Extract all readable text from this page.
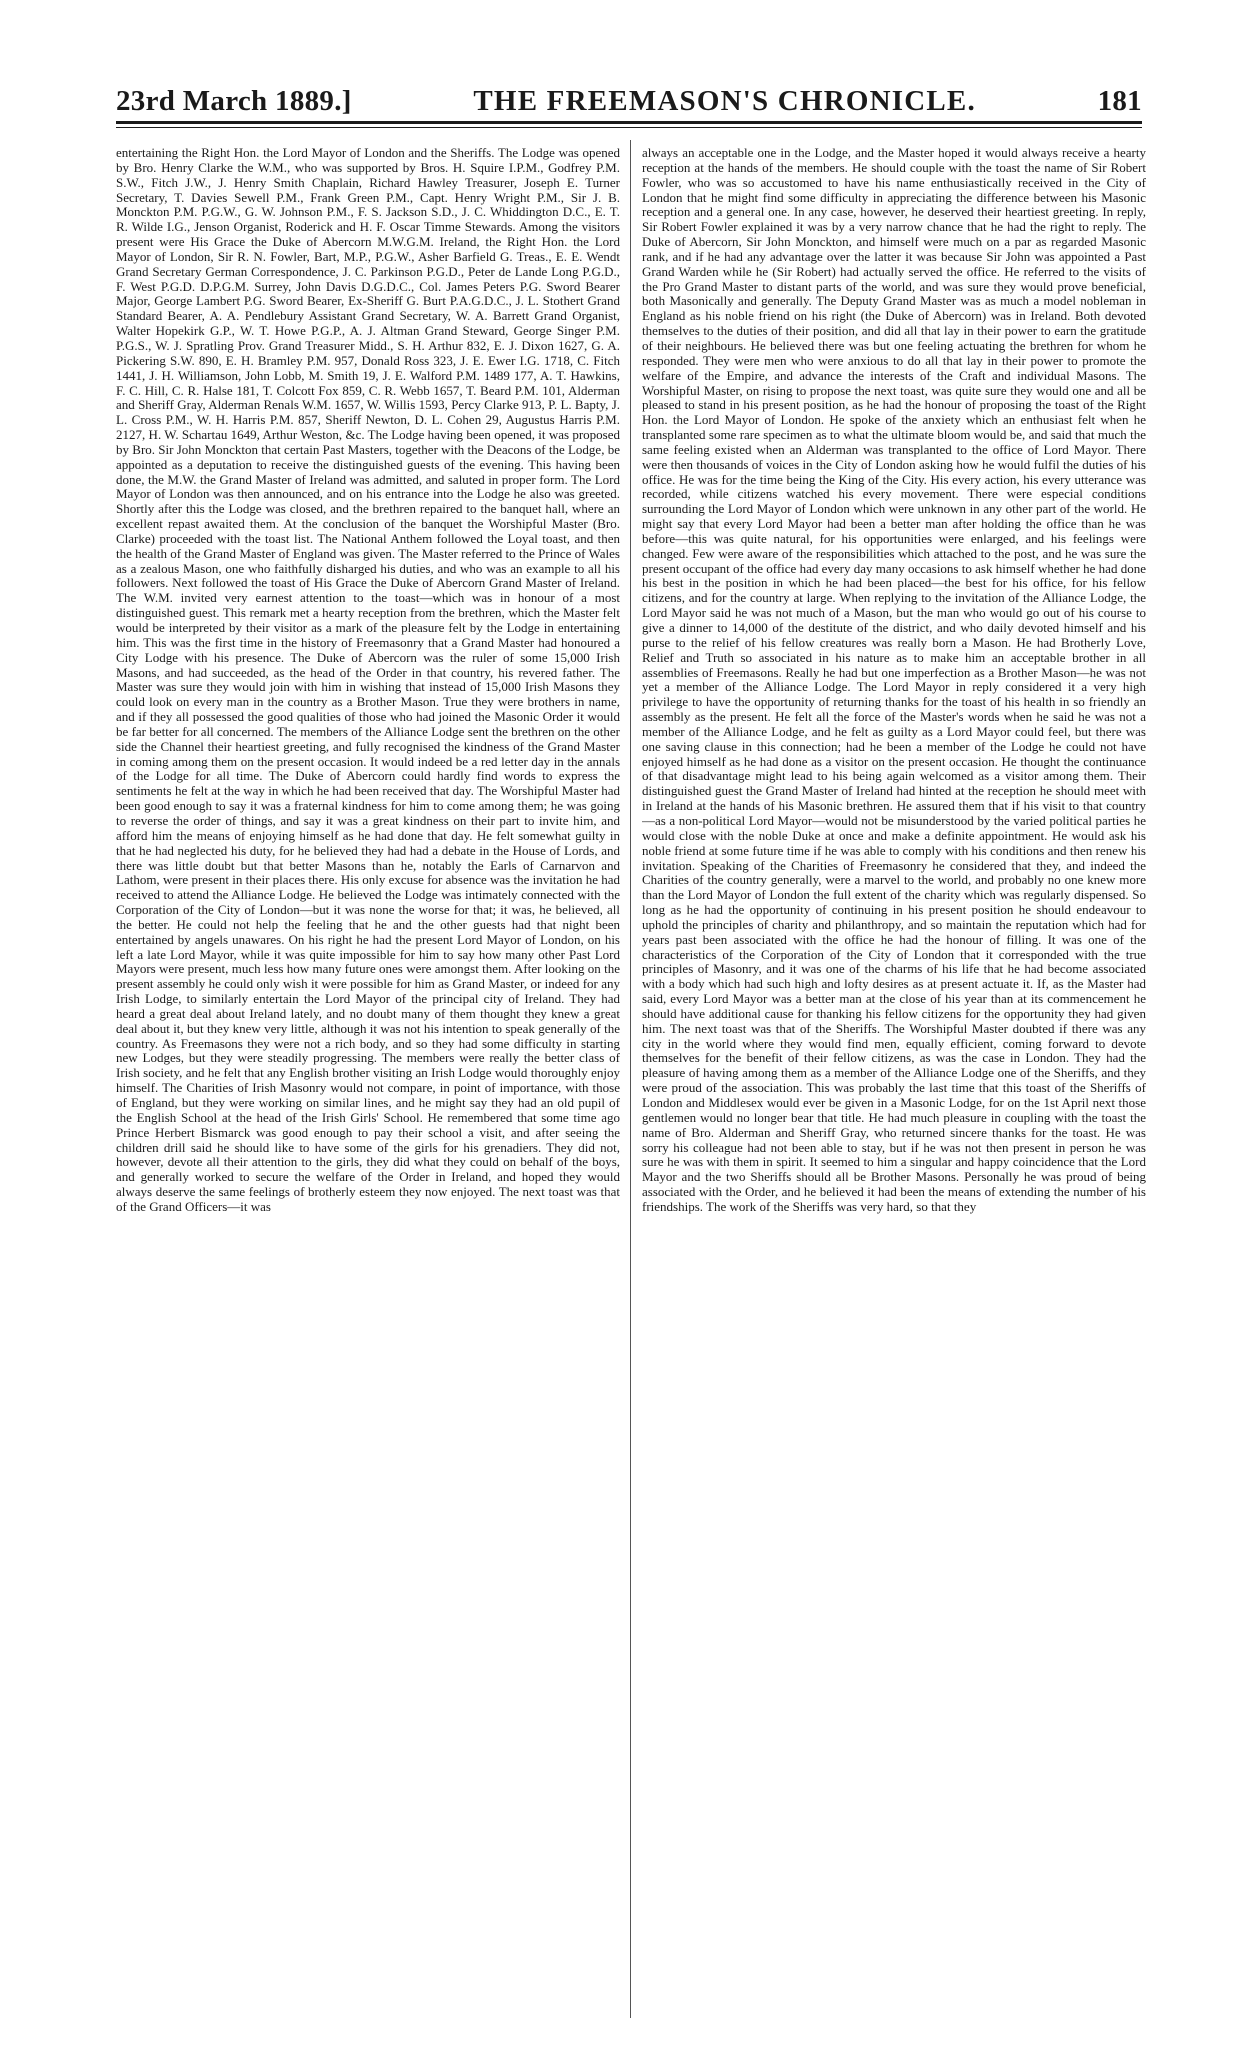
23rd March 1889.]	THE FREEMASON'S CHRONICLE.	181

entertaining the Right Hon. the Lord Mayor of London and the Sheriffs. The Lodge was opened by Bro. Henry Clarke the W.M., who was supported by Bros. H. Squire I.P.M., Godfrey P.M. S.W., Fitch J.W., J. Henry Smith Chaplain, Richard Hawley Treasurer, Joseph E. Turner Secretary, T. Davies Sewell P.M., Frank Green P.M., Capt. Henry Wright P.M., Sir J. B. Monckton P.M. P.G.W., G. W. Johnson P.M., F. S. Jackson S.D., J. C. Whiddington D.C., E. T. R. Wilde I.G., Jenson Organist, Roderick and H. F. Oscar Timme Stewards. Among the visitors present were His Grace the Duke of Abercorn M.W.G.M. Ireland, the Right Hon. the Lord Mayor of London, Sir R. N. Fowler, Bart, M.P., P.G.W., Asher Barfield G. Treas., E. E. Wendt Grand Secretary German Correspondence, J. C. Parkinson P.G.D., Peter de Lande Long P.G.D., F. West P.G.D. D.P.G.M. Surrey, John Davis D.G.D.C., Col. James Peters P.G. Sword Bearer Major, George Lambert P.G. Sword Bearer, Ex-Sheriff G. Burt P.A.G.D.C., J. L. Stothert Grand Standard Bearer, A. A. Pendlebury Assistant Grand Secretary, W. A. Barrett Grand Organist, Walter Hopekirk G.P., W. T. Howe P.G.P., A. J. Altman Grand Steward, George Singer P.M. P.G.S., W. J. Spratling Prov. Grand Treasurer Midd., S. H. Arthur 832, E. J. Dixon 1627, G. A. Pickering S.W. 890, E. H. Bramley P.M. 957, Donald Ross 323, J. E. Ewer I.G. 1718, C. Fitch 1441, J. H. Williamson, John Lobb, M. Smith 19, J. E. Walford P.M. 1489 177, A. T. Hawkins, F. C. Hill, C. R. Halse 181, T. Colcott Fox 859, C. R. Webb 1657, T. Beard P.M. 101, Alderman and Sheriff Gray, Alderman Renals W.M. 1657, W. Willis 1593, Percy Clarke 913, P. L. Bapty, J. L. Cross P.M., W. H. Harris P.M. 857, Sheriff Newton, D. L. Cohen 29, Augustus Harris P.M. 2127, H. W. Schartau 1649, Arthur Weston, &c. The Lodge having been opened, it was proposed by Bro. Sir John Monckton that certain Past Masters, together with the Deacons of the Lodge, be appointed as a deputation to receive the distinguished guests of the evening. This having been done, the M.W. the Grand Master of Ireland was admitted, and saluted in proper form. The Lord Mayor of London was then announced, and on his entrance into the Lodge he also was greeted. Shortly after this the Lodge was closed, and the brethren repaired to the banquet hall, where an excellent repast awaited them. At the conclusion of the banquet the Worshipful Master (Bro. Clarke) proceeded with the toast list. The National Anthem followed the Loyal toast, and then the health of the Grand Master of England was given. The Master referred to the Prince of Wales as a zealous Mason, one who faithfully disharged his duties, and who was an example to all his followers. Next followed the toast of His Grace the Duke of Abercorn Grand Master of Ireland. The W.M. invited very earnest attention to the toast—which was in honour of a most distinguished guest. This remark met a hearty reception from the brethren, which the Master felt would be interpreted by their visitor as a mark of the pleasure felt by the Lodge in entertaining him. This was the first time in the history of Freemasonry that a Grand Master had honoured a City Lodge with his presence. The Duke of Abercorn was the ruler of some 15,000 Irish Masons, and had succeeded, as the head of the Order in that country, his revered father. The Master was sure they would join with him in wishing that instead of 15,000 Irish Masons they could look on every man in the country as a Brother Mason. True they were brothers in name, and if they all possessed the good qualities of those who had joined the Masonic Order it would be far better for all concerned. The members of the Alliance Lodge sent the brethren on the other side the Channel their heartiest greeting, and fully recognised the kindness of the Grand Master in coming among them on the present occasion. It would indeed be a red letter day in the annals of the Lodge for all time. The Duke of Abercorn could hardly find words to express the sentiments he felt at the way in which he had been received that day. The Worshipful Master had been good enough to say it was a fraternal kindness for him to come among them; he was going to reverse the order of things, and say it was a great kindness on their part to invite him, and afford him the means of enjoying himself as he had done that day. He felt somewhat guilty in that he had neglected his duty, for he believed they had had a debate in the House of Lords, and there was little doubt but that better Masons than he, notably the Earls of Carnarvon and Lathom, were present in their places there. His only excuse for absence was the invitation he had received to attend the Alliance Lodge. He believed the Lodge was intimately connected with the Corporation of the City of London—but it was none the worse for that; it was, he believed, all the better. He could not help the feeling that he and the other guests had that night been entertained by angels unawares. On his right he had the present Lord Mayor of London, on his left a late Lord Mayor, while it was quite impossible for him to say how many other Past Lord Mayors were present, much less how many future ones were amongst them. After looking on the present assembly he could only wish it were possible for him as Grand Master, or indeed for any Irish Lodge, to similarly entertain the Lord Mayor of the principal city of Ireland. They had heard a great deal about Ireland lately, and no doubt many of them thought they knew a great deal about it, but they knew very little, although it was not his intention to speak generally of the country. As Freemasons they were not a rich body, and so they had some difficulty in starting new Lodges, but they were steadily progressing. The members were really the better class of Irish society, and he felt that any English brother visiting an Irish Lodge would thoroughly enjoy himself. The Charities of Irish Masonry would not compare, in point of importance, with those of England, but they were working on similar lines, and he might say they had an old pupil of the English School at the head of the Irish Girls' School. He remembered that some time ago Prince Herbert Bismarck was good enough to pay their school a visit, and after seeing the children drill said he should like to have some of the girls for his grenadiers. They did not, however, devote all their attention to the girls, they did what they could on behalf of the boys, and generally worked to secure the welfare of the Order in Ireland, and hoped they would always deserve the same feelings of brotherly esteem they now enjoyed. The next toast was that of the Grand Officers—it was

always an acceptable one in the Lodge, and the Master hoped it would always receive a hearty reception at the hands of the members. He should couple with the toast the name of Sir Robert Fowler, who was so accustomed to have his name enthusiastically received in the City of London that he might find some difficulty in appreciating the difference between his Masonic reception and a general one. In any case, however, he deserved their heartiest greeting. In reply, Sir Robert Fowler explained it was by a very narrow chance that he had the right to reply. The Duke of Abercorn, Sir John Monckton, and himself were much on a par as regarded Masonic rank, and if he had any advantage over the latter it was because Sir John was appointed a Past Grand Warden while he (Sir Robert) had actually served the office. He referred to the visits of the Pro Grand Master to distant parts of the world, and was sure they would prove beneficial, both Masonically and generally. The Deputy Grand Master was as much a model nobleman in England as his noble friend on his right (the Duke of Abercorn) was in Ireland. Both devoted themselves to the duties of their position, and did all that lay in their power to earn the gratitude of their neighbours. He believed there was but one feeling actuating the brethren for whom he responded. They were men who were anxious to do all that lay in their power to promote the welfare of the Empire, and advance the interests of the Craft and individual Masons. The Worshipful Master, on rising to propose the next toast, was quite sure they would one and all be pleased to stand in his present position, as he had the honour of proposing the toast of the Right Hon. the Lord Mayor of London. He spoke of the anxiety which an enthusiast felt when he transplanted some rare specimen as to what the ultimate bloom would be, and said that much the same feeling existed when an Alderman was transplanted to the office of Lord Mayor. There were then thousands of voices in the City of London asking how he would fulfil the duties of his office. He was for the time being the King of the City. His every action, his every utterance was recorded, while citizens watched his every movement. There were especial conditions surrounding the Lord Mayor of London which were unknown in any other part of the world. He might say that every Lord Mayor had been a better man after holding the office than he was before—this was quite natural, for his opportunities were enlarged, and his feelings were changed. Few were aware of the responsibilities which attached to the post, and he was sure the present occupant of the office had every day many occasions to ask himself whether he had done his best in the position in which he had been placed—the best for his office, for his fellow citizens, and for the country at large. When replying to the invitation of the Alliance Lodge, the Lord Mayor said he was not much of a Mason, but the man who would go out of his course to give a dinner to 14,000 of the destitute of the district, and who daily devoted himself and his purse to the relief of his fellow creatures was really born a Mason. He had Brotherly Love, Relief and Truth so associated in his nature as to make him an acceptable brother in all assemblies of Freemasons. Really he had but one imperfection as a Brother Mason—he was not yet a member of the Alliance Lodge. The Lord Mayor in reply considered it a very high privilege to have the opportunity of returning thanks for the toast of his health in so friendly an assembly as the present. He felt all the force of the Master's words when he said he was not a member of the Alliance Lodge, and he felt as guilty as a Lord Mayor could feel, but there was one saving clause in this connection; had he been a member of the Lodge he could not have enjoyed himself as he had done as a visitor on the present occasion. He thought the continuance of that disadvantage might lead to his being again welcomed as a visitor among them. Their distinguished guest the Grand Master of Ireland had hinted at the reception he should meet with in Ireland at the hands of his Masonic brethren. He assured them that if his visit to that country—as a non-political Lord Mayor—would not be misunderstood by the varied political parties he would close with the noble Duke at once and make a definite appointment. He would ask his noble friend at some future time if he was able to comply with his conditions and then renew his invitation. Speaking of the Charities of Freemasonry he considered that they, and indeed the Charities of the country generally, were a marvel to the world, and probably no one knew more than the Lord Mayor of London the full extent of the charity which was regularly dispensed. So long as he had the opportunity of continuing in his present position he should endeavour to uphold the principles of charity and philanthropy, and so maintain the reputation which had for years past been associated with the office he had the honour of filling. It was one of the characteristics of the Corporation of the City of London that it corresponded with the true principles of Masonry, and it was one of the charms of his life that he had become associated with a body which had such high and lofty desires as at present actuate it. If, as the Master had said, every Lord Mayor was a better man at the close of his year than at its commencement he should have additional cause for thanking his fellow citizens for the opportunity they had given him. The next toast was that of the Sheriffs. The Worshipful Master doubted if there was any city in the world where they would find men, equally efficient, coming forward to devote themselves for the benefit of their fellow citizens, as was the case in London. They had the pleasure of having among them as a member of the Alliance Lodge one of the Sheriffs, and they were proud of the association. This was probably the last time that this toast of the Sheriffs of London and Middlesex would ever be given in a Masonic Lodge, for on the 1st April next those gentlemen would no longer bear that title. He had much pleasure in coupling with the toast the name of Bro. Alderman and Sheriff Gray, who returned sincere thanks for the toast. He was sorry his colleague had not been able to stay, but if he was not then present in person he was sure he was with them in spirit. It seemed to him a singular and happy coincidence that the Lord Mayor and the two Sheriffs should all be Brother Masons. Personally he was proud of being associated with the Order, and he believed it had been the means of extending the number of his friendships. The work of the Sheriffs was very hard, so that they
